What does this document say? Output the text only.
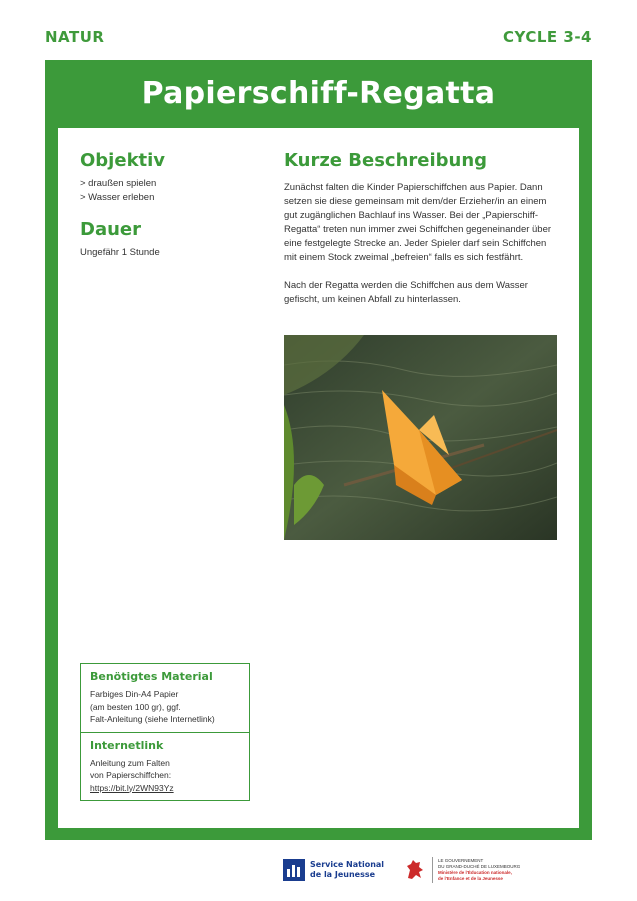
NATUR	CYCLE 3-4
Papierschiff-Regatta
Objektiv
> draußen spielen
> Wasser erleben
Dauer
Ungefähr 1 Stunde
Kurze Beschreibung

Zunächst falten die Kinder Papierschiffchen aus Papier. Dann setzen sie diese gemeinsam mit dem/der Erzieher/in an einem gut zugänglichen Bachlauf ins Wasser. Bei der „Papierschiff-Regatta“ treten nun immer zwei Schiffchen gegeneinander über eine festgelegte Strecke an. Jeder Spieler darf sein Schiffchen mit einem Stock zweimal „befreien“ falls es sich festfährt.

Nach der Regatta werden die Schiffchen aus dem Wasser gefischt, um keinen Abfall zu hinterlassen.

Benötigtes Material
Farbiges Din-A4 Papier
(am besten 100 gr), ggf.
Falt-Anleitung (siehe Internetlink)
Internetlink
Anleitung zum Falten
von Papierschiffchen:
https://bit.ly/2WN93Yz
Service National
de la Jeunesse
LE GOUVERNEMENT
DU GRAND-DUCHÉ DE LUXEMBOURG
Ministère de l'Éducation nationale,
de l'Enfance et de la Jeunesse
